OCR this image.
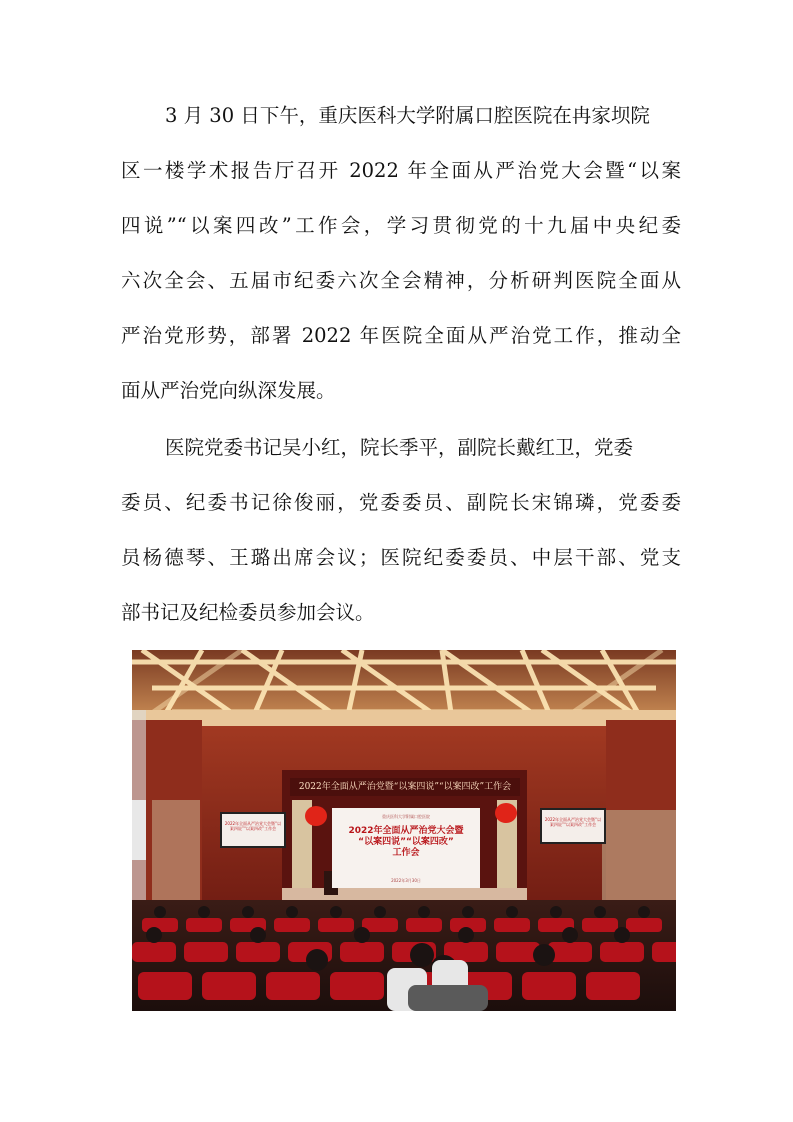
3 月 30 日下午，重庆医科大学附属口腔医院在冉家坝院
区一楼学术报告厅召开 2022 年全面从严治党大会暨“以案
四说”“以案四改”工作会，学习贯彻党的十九届中央纪委
六次全会、五届市纪委六次全会精神，分析研判医院全面从
严治党形势，部署 2022 年医院全面从严治党工作，推动全
面从严治党向纵深发展。
医院党委书记吴小红，院长季平，副院长戴红卫，党委
委员、纪委书记徐俊丽，党委委员、副院长宋锦璘，党委委
员杨德琴、王璐出席会议；医院纪委委员、中层干部、党支
部书记及纪检委员参加会议。
2022年全面从严治党暨“以案四说”“以案四改”工作会
重庆医科大学附属口腔医院
2022年全面从严治党大会暨
“以案四说”“以案四改”
工作会
2022年3月30日
2022年全面从严治党大会暨“以案四说”“以案四改”工作会
2022年全面从严治党大会暨“以案四说”“以案四改”工作会
